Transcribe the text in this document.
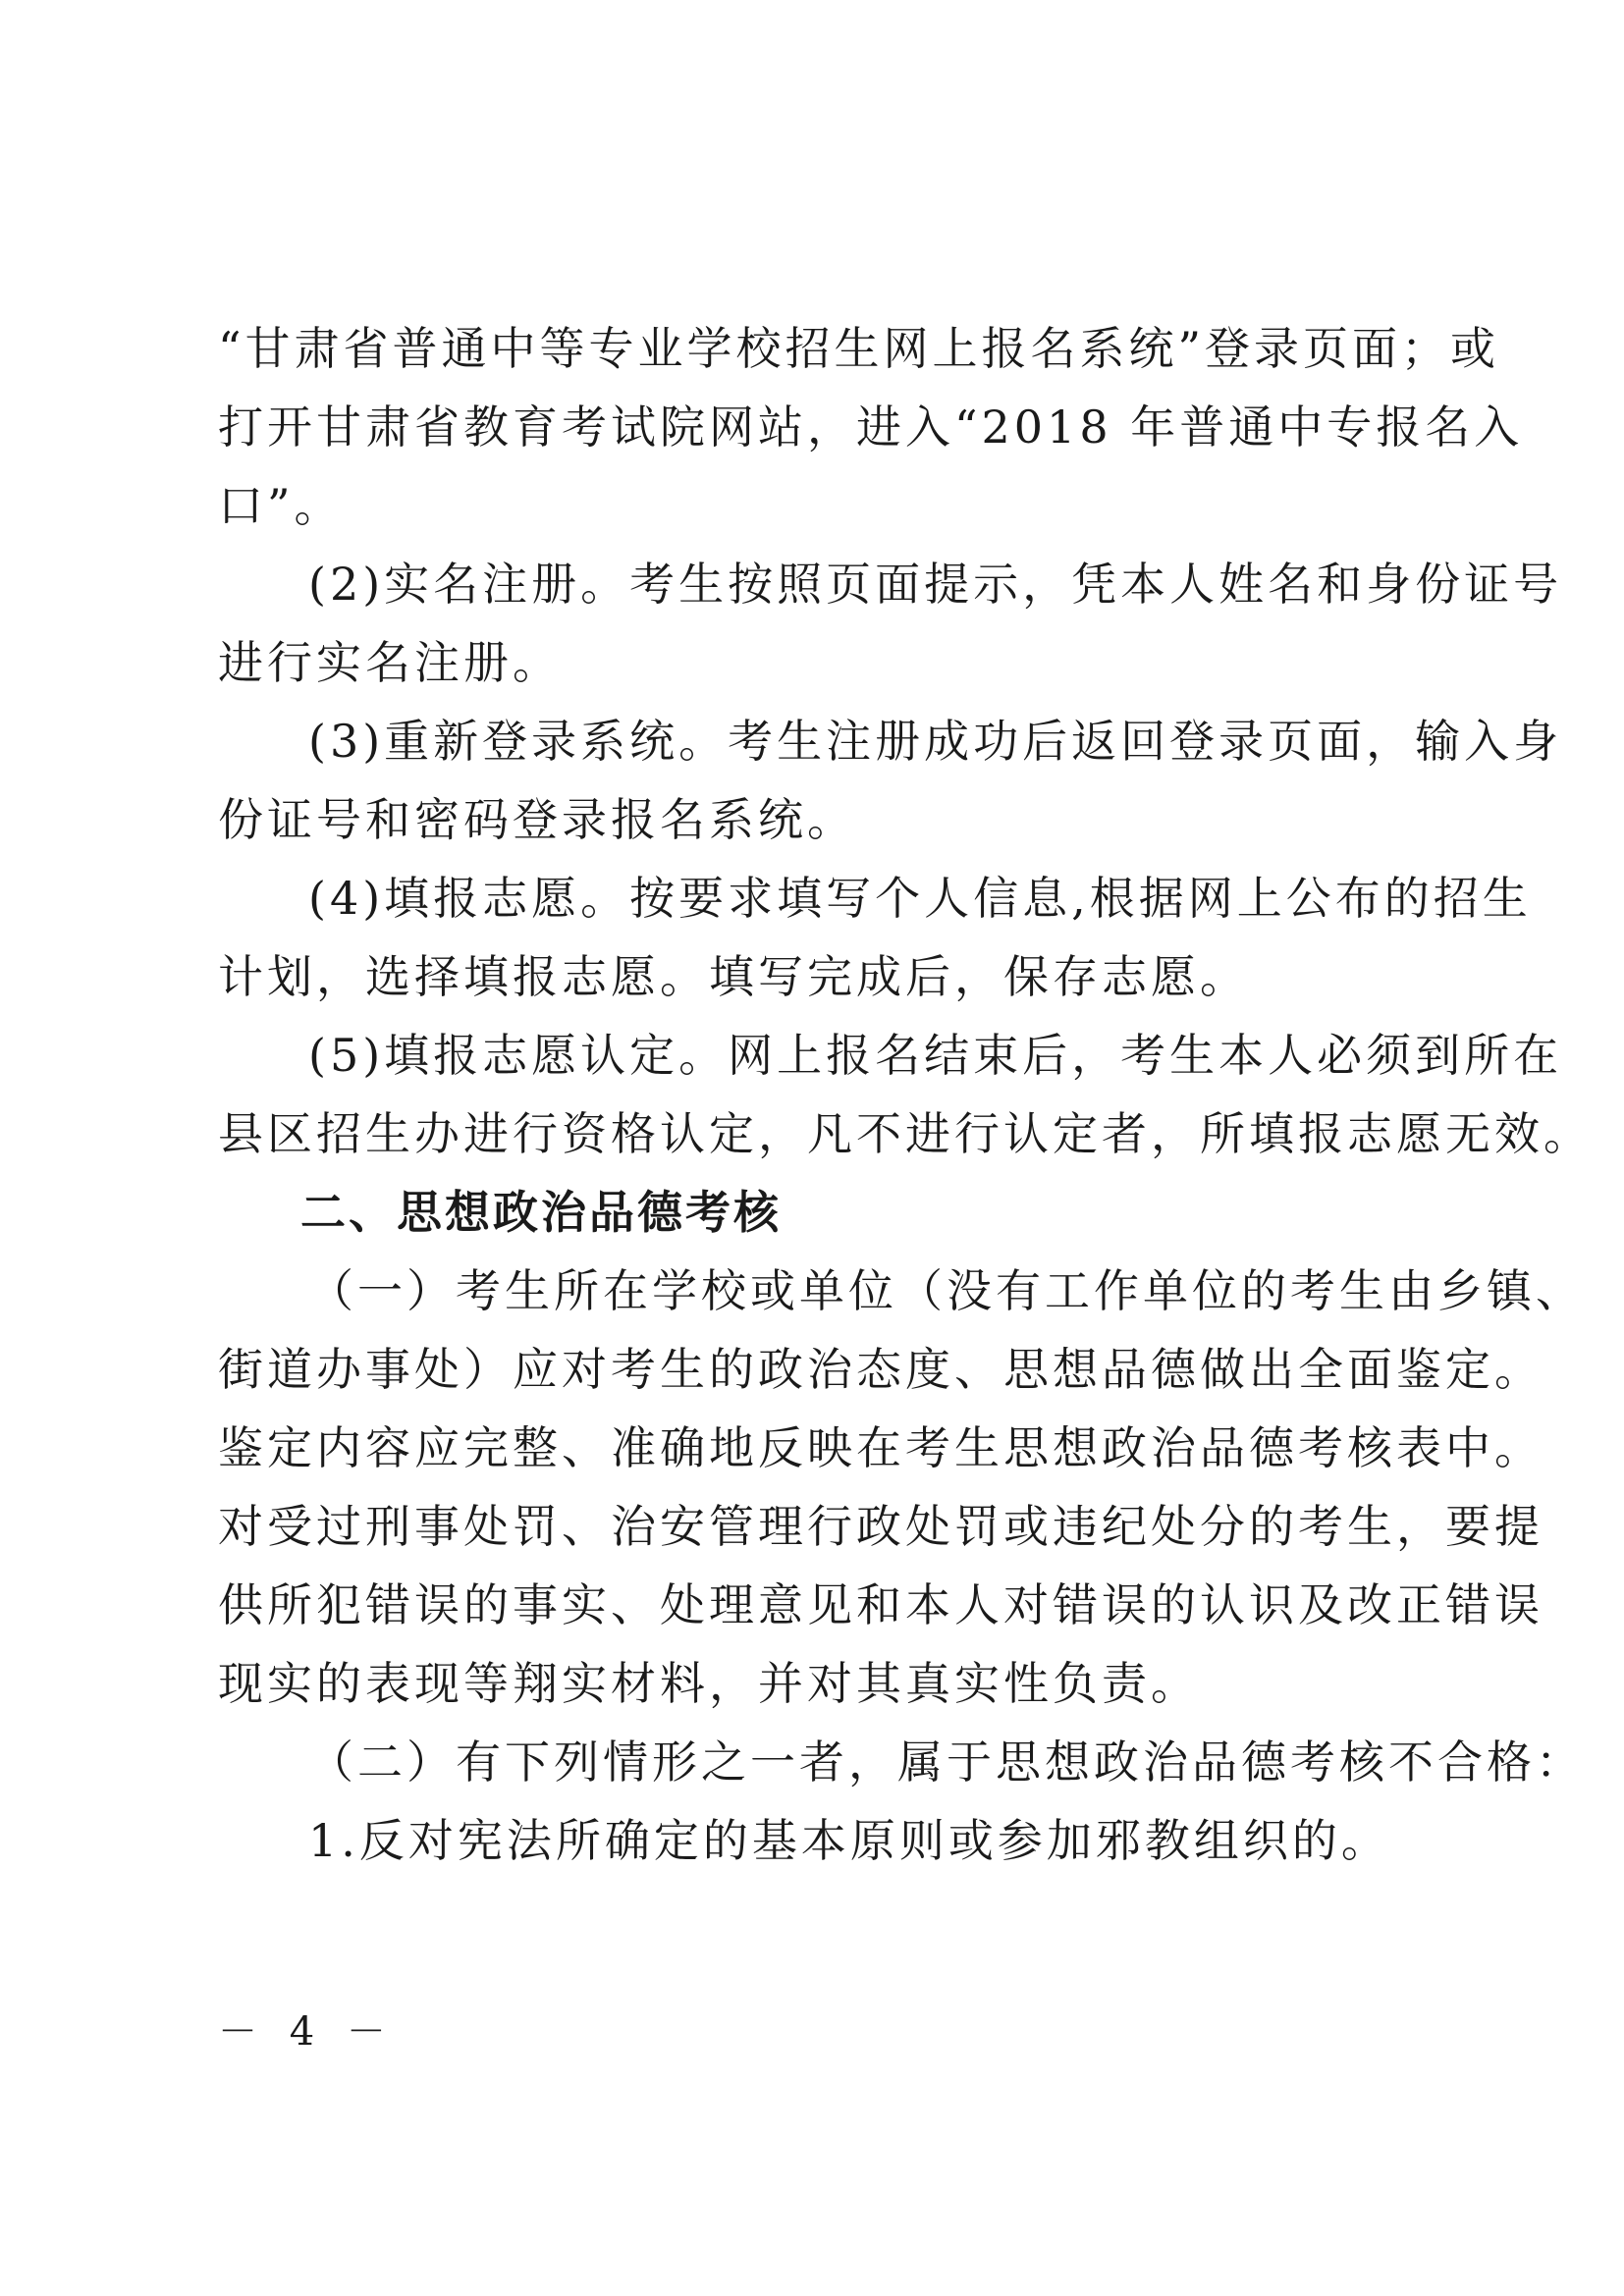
“甘肃省普通中等专业学校招生网上报名系统”登录页面；或
打开甘肃省教育考试院网站，进入“2018 年普通中专报名入
口”。
(2)实名注册。考生按照页面提示，凭本人姓名和身份证号
进行实名注册。
(3)重新登录系统。考生注册成功后返回登录页面，输入身
份证号和密码登录报名系统。
(4)填报志愿。按要求填写个人信息,根据网上公布的招生
计划，选择填报志愿。填写完成后，保存志愿。
(5)填报志愿认定。网上报名结束后，考生本人必须到所在
县区招生办进行资格认定，凡不进行认定者，所填报志愿无效。
二、思想政治品德考核
（一）考生所在学校或单位（没有工作单位的考生由乡镇、
街道办事处）应对考生的政治态度、思想品德做出全面鉴定。
鉴定内容应完整、准确地反映在考生思想政治品德考核表中。
对受过刑事处罚、治安管理行政处罚或违纪处分的考生，要提
供所犯错误的事实、处理意见和本人对错误的认识及改正错误
现实的表现等翔实材料，并对其真实性负责。
（二）有下列情形之一者，属于思想政治品德考核不合格：
1.反对宪法所确定的基本原则或参加邪教组织的。
－ 4 －
